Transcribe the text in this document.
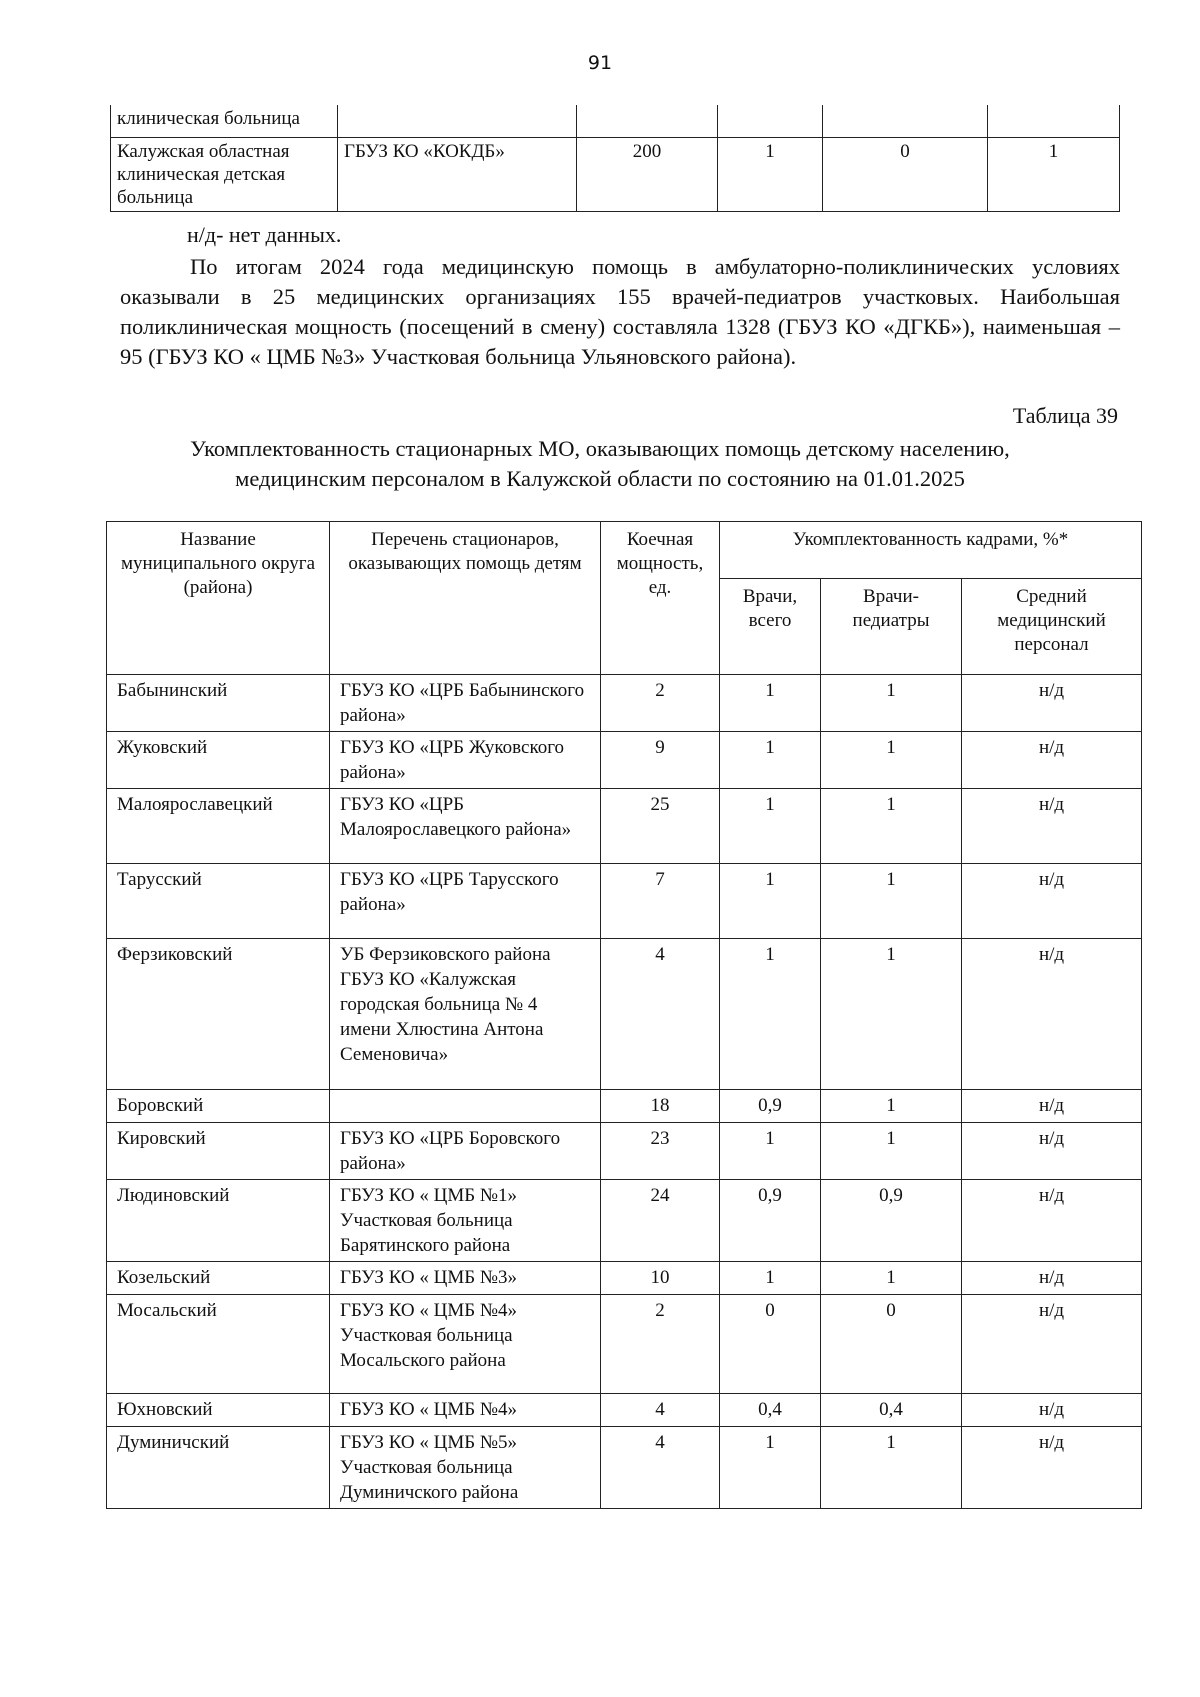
91
клиническая больница					
Калужская областная клиническая детская больница	ГБУЗ КО «КОКДБ»	200	1	0	1
н/д- нет данных.

По итогам 2024 года медицинскую помощь в амбулаторно-поликлинических условиях оказывали в 25 медицинских организациях 155 врачей-педиатров участковых. Наибольшая поликлиническая мощность (посещений в смену) составляла 1328 (ГБУЗ КО «ДГКБ»), наименьшая – 95 (ГБУЗ КО « ЦМБ №3» Участковая больница Ульяновского района).

Таблица 39
Укомплектованность стационарных МО, оказывающих помощь детскому населению,
медицинским персоналом в Калужской области по состоянию на 01.01.2025
Название муниципального округа (района)	Перечень стационаров, оказывающих помощь детям	Коечная мощность, ед.	Укомплектованность кадрами, %*		
			Врачи, всего	Врачи-педиатры	Средний медицинский персонал
Бабынинский	ГБУЗ КО «ЦРБ Бабынинского района»	2	1	1	н/д
Жуковский	ГБУЗ КО «ЦРБ Жуковского района»	9	1	1	н/д
Малоярославецкий	ГБУЗ КО «ЦРБ Малоярославецкого района»	25	1	1	н/д
Тарусский	ГБУЗ КО «ЦРБ Тарусского района»	7	1	1	н/д
Ферзиковский	УБ Ферзиковского района ГБУЗ КО «Калужская городская больница № 4 имени Хлюстина Антона Семеновича»	4	1	1	н/д
Боровский		18	0,9	1	н/д
Кировский	ГБУЗ КО «ЦРБ Боровского района»	23	1	1	н/д
Людиновский	ГБУЗ КО « ЦМБ №1» Участковая больница Барятинского района	24	0,9	0,9	н/д
Козельский	ГБУЗ КО « ЦМБ №3»	10	1	1	н/д
Мосальский	ГБУЗ КО « ЦМБ №4» Участковая больница Мосальского района	2	0	0	н/д
Юхновский	ГБУЗ КО « ЦМБ №4»	4	0,4	0,4	н/д
Думиничский	ГБУЗ КО « ЦМБ №5» Участковая больница Думиничского района	4	1	1	н/д
